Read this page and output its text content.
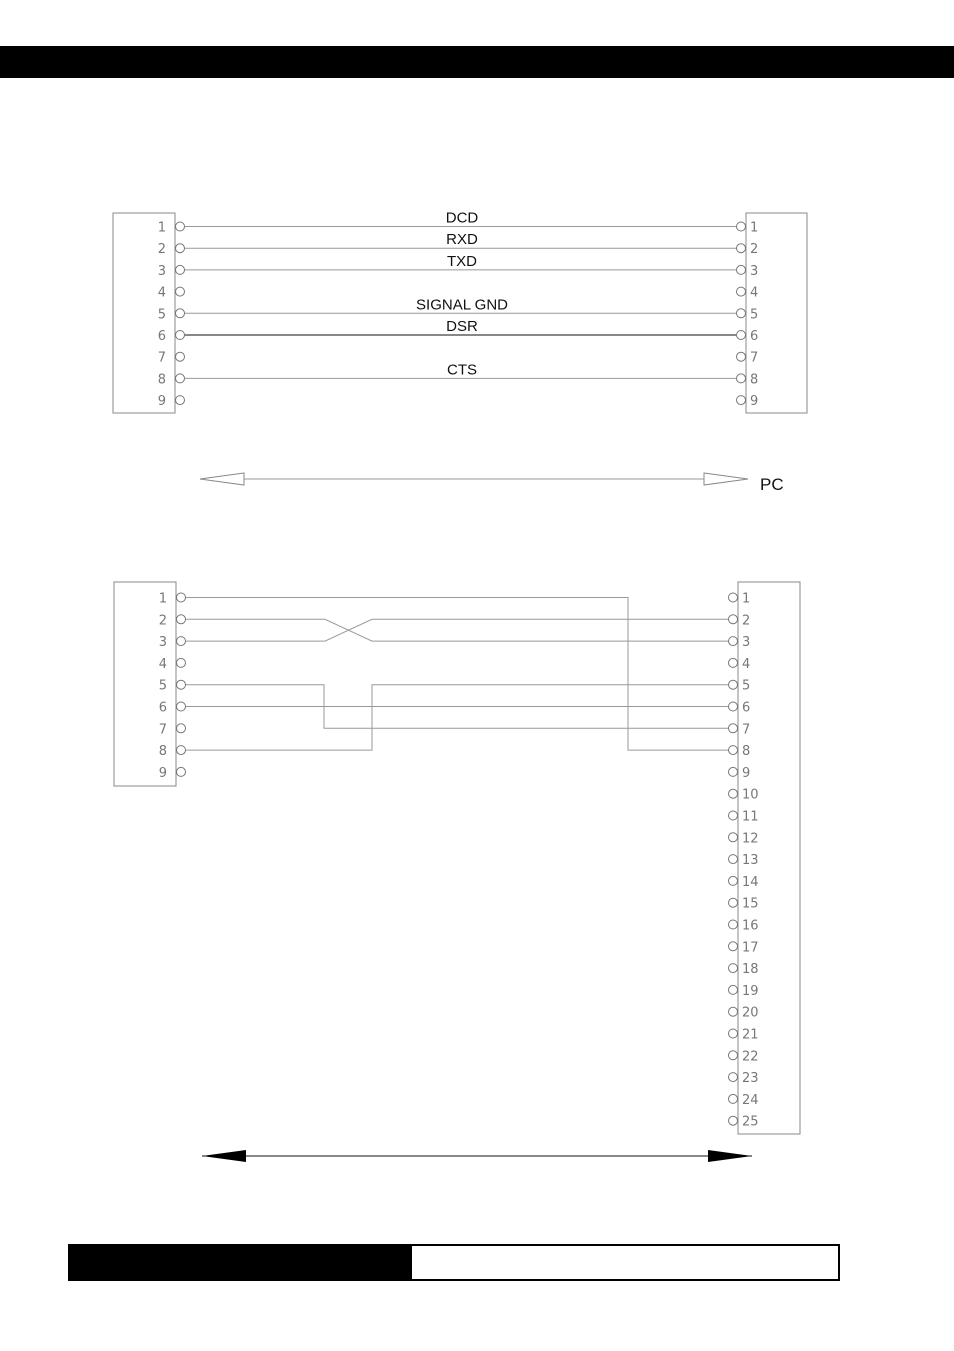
DCD
RXD
TXD
SIGNAL GND
DSR
CTS
1
2
3
4
5
6
7
8
9
1
2
3
4
5
6
7
8
9
PC
1
2
3
4
5
6
7
8
9
1
2
3
4
5
6
7
8
9
10
11
12
13
14
15
16
17
18
19
20
21
22
23
24
25
